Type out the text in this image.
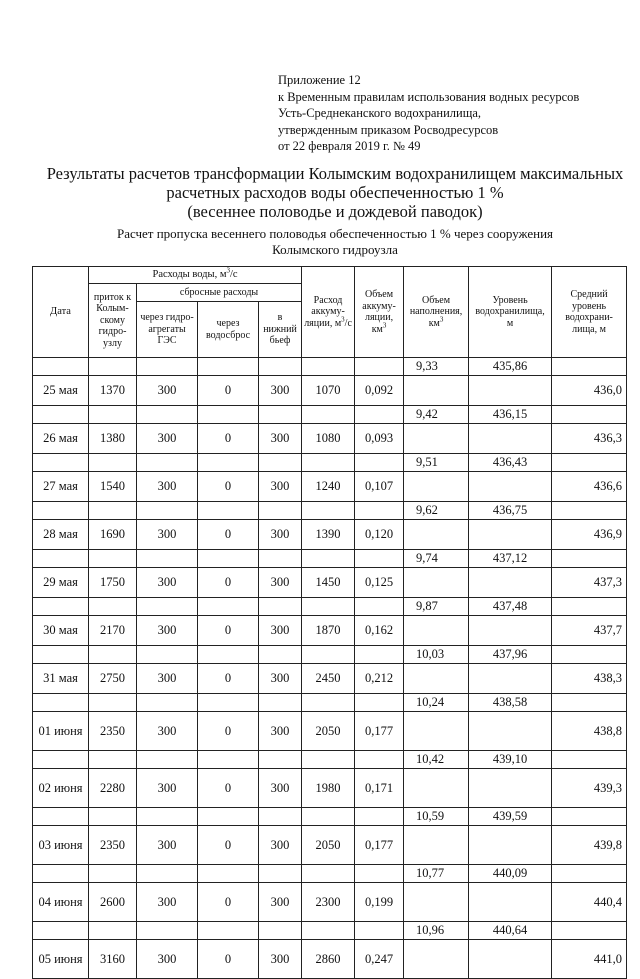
Приложение 12
к Временным правилам использования водных ресурсов
Усть-Среднеканского водохранилища,
утвержденным приказом Росводресурсов
от 22 февраля 2019 г. № 49
Результаты расчетов трансформации Колымским водохранилищем максимальных
расчетных расходов воды обеспеченностью 1 %
(весеннее половодье и дождевой паводок)
Расчет пропуска весеннего половодья обеспеченностью 1 % через сооружения
Колымского гидроузла
Дата	Расходы воды, $м^3/с$				Расход аккуму-ляции, $м^3/с$	Объем аккуму-ляции, $км^3$	Объем наполнения, $км^3$	Уровень водохранилища, м	Средний уровень водохрани-лища, м
	приток к Колым-скому гидро-узлу	сбросные расходы							
		через гидро-агрегаты ГЭС	через водосброс	в нижний бьеф					
							9,33	435,86	
25 мая	1370	300	0	300	1070	0,092			436,0
							9,42	436,15	
26 мая	1380	300	0	300	1080	0,093			436,3
							9,51	436,43	
27 мая	1540	300	0	300	1240	0,107			436,6
							9,62	436,75	
28 мая	1690	300	0	300	1390	0,120			436,9
							9,74	437,12	
29 мая	1750	300	0	300	1450	0,125			437,3
							9,87	437,48	
30 мая	2170	300	0	300	1870	0,162			437,7
							10,03	437,96	
31 мая	2750	300	0	300	2450	0,212			438,3
							10,24	438,58	
01 июня	2350	300	0	300	2050	0,177			438,8
							10,42	439,10	
02 июня	2280	300	0	300	1980	0,171			439,3
							10,59	439,59	
03 июня	2350	300	0	300	2050	0,177			439,8
							10,77	440,09	
04 июня	2600	300	0	300	2300	0,199			440,4
							10,96	440,64	
05 июня	3160	300	0	300	2860	0,247			441,0
